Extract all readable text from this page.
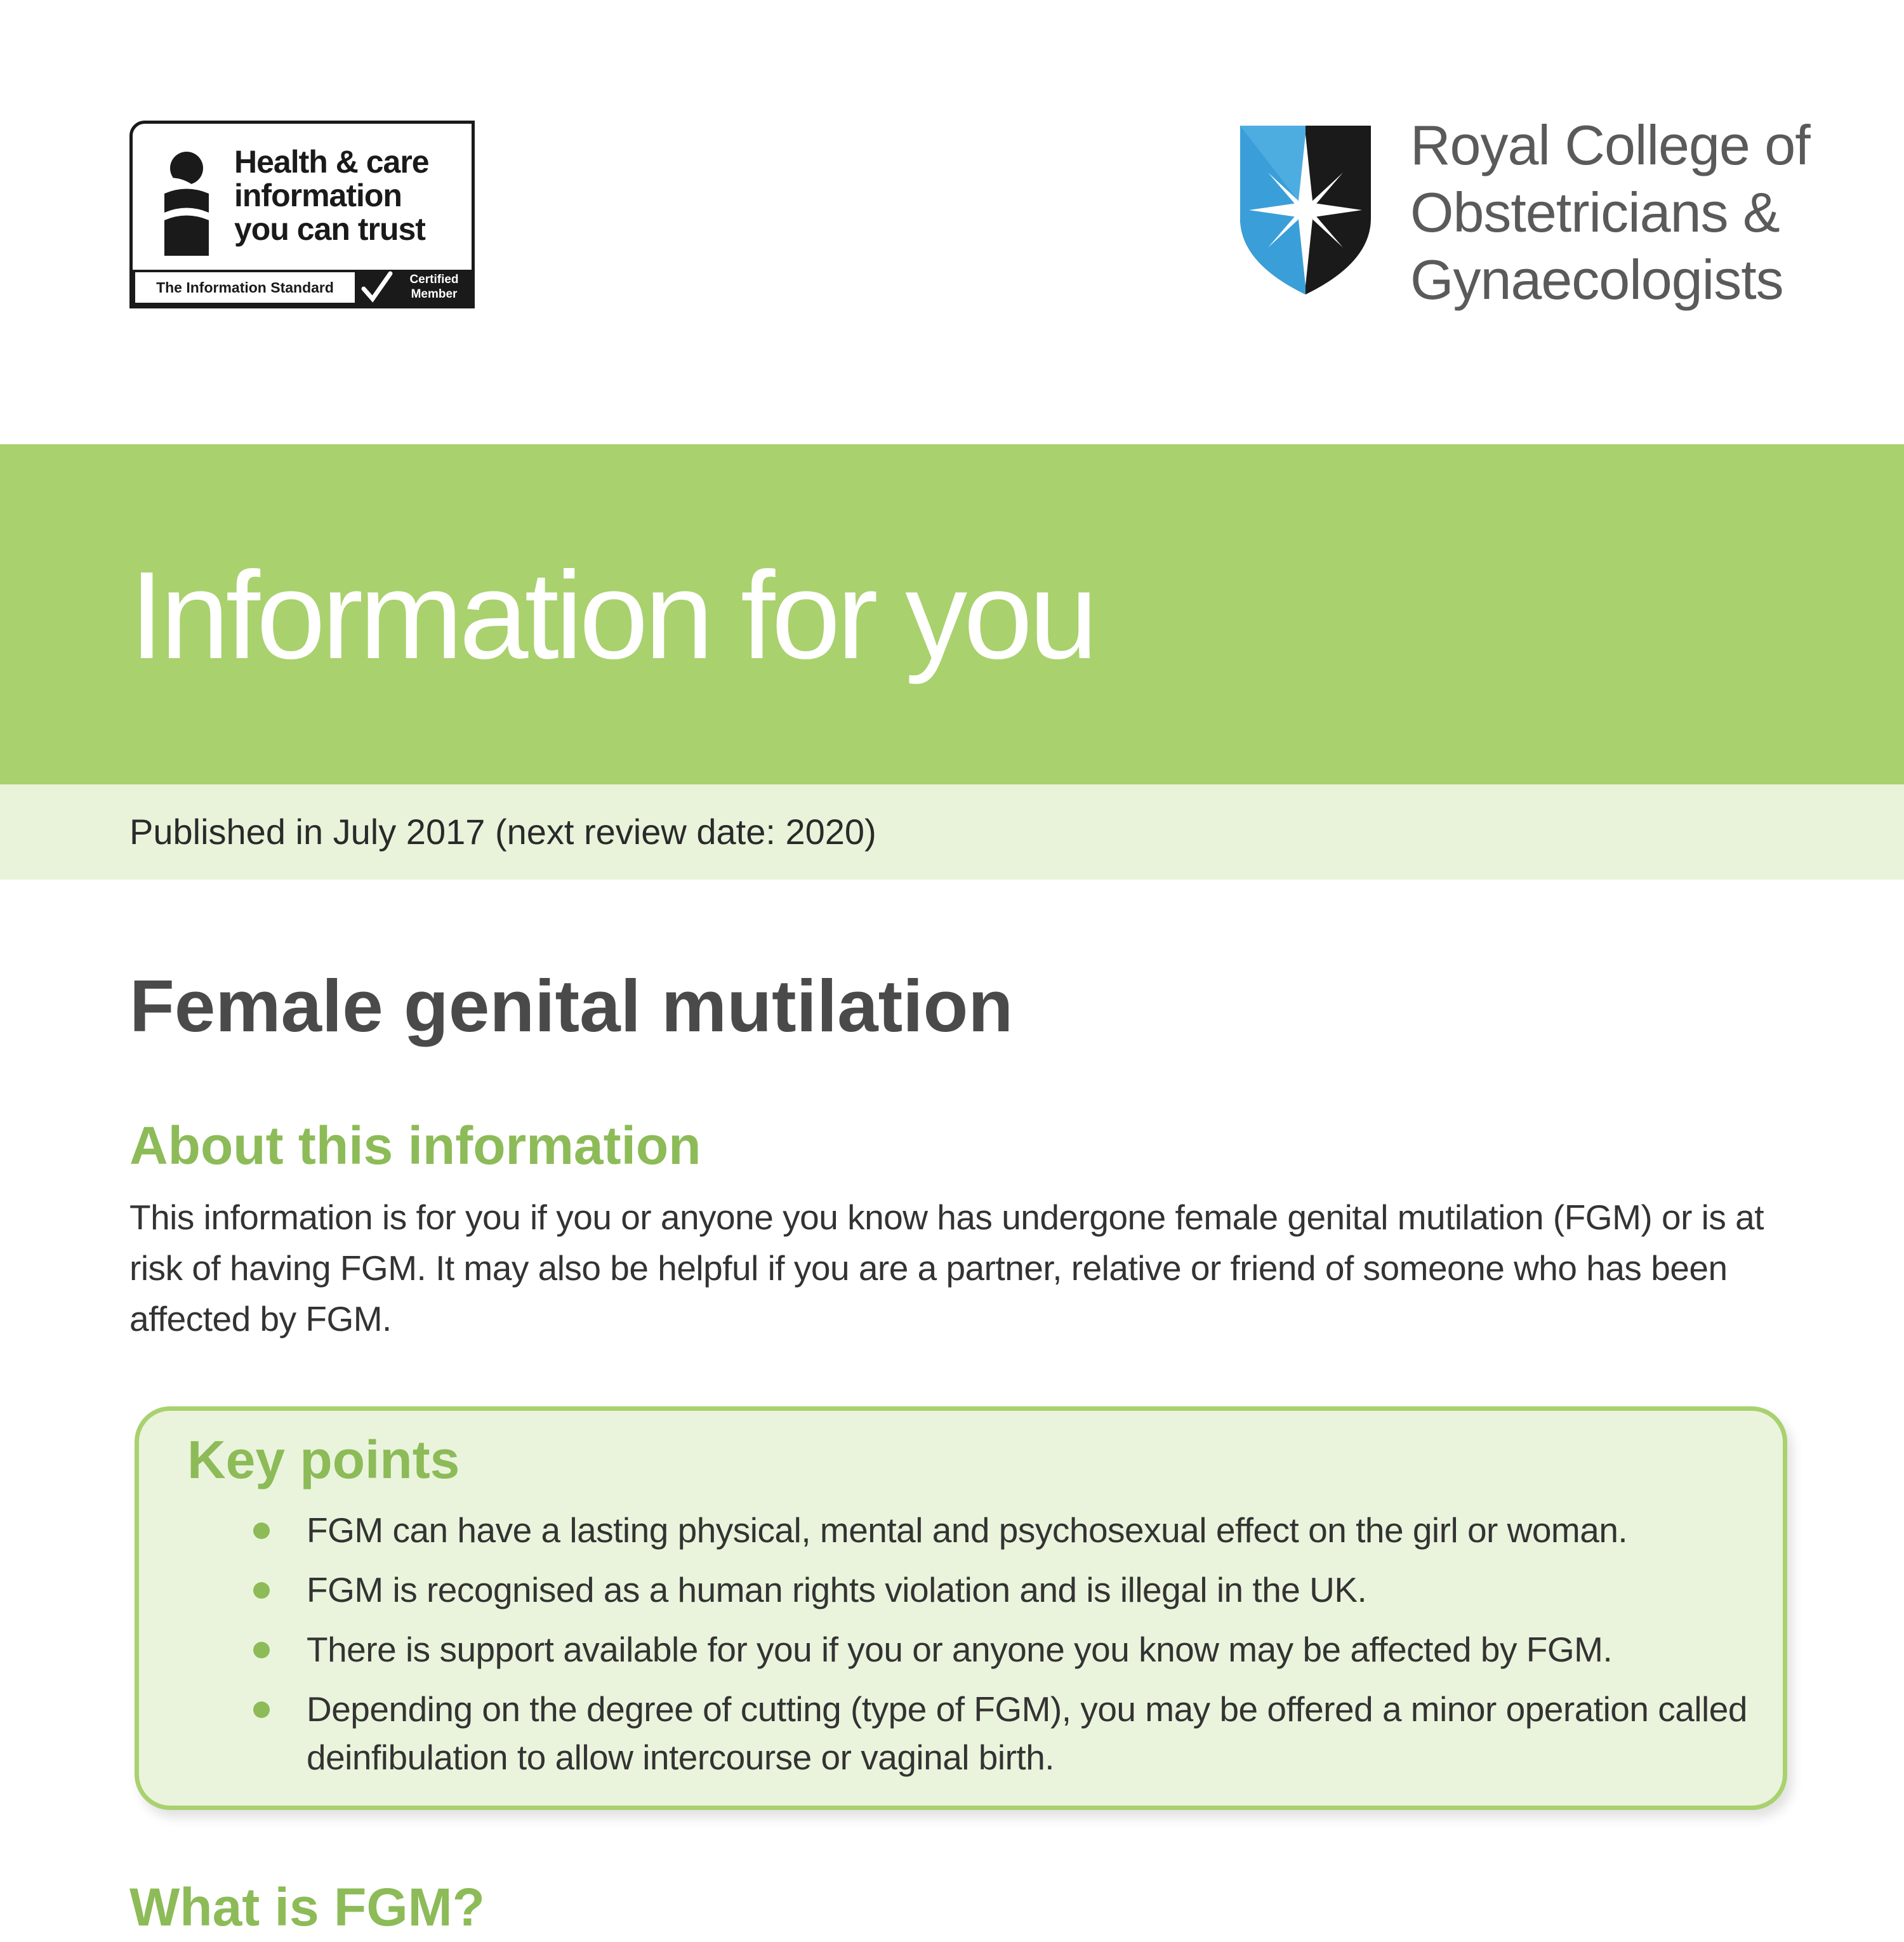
Health & care
information
you can trust
The Information Standard	Certified
Member
Royal College of
Obstetricians &
Gynaecologists
Information for you
Published in July 2017 (next review date: 2020)
Female genital mutilation
About this information

This information is for you if you or anyone you know has undergone female genital mutilation (FGM) or is at risk of having FGM. It may also be helpful if you are a partner, relative or friend of someone who has been affected by FGM.

Key points
FGM can have a lasting physical, mental and psychosexual effect on the girl or woman.
FGM is recognised as a human rights violation and is illegal in the UK.
There is support available for you if you or anyone you know may be affected by FGM.
Depending on the degree of cutting (type of FGM), you may be offered a minor operation called deinfibulation to allow intercourse or vaginal birth.
What is FGM?
